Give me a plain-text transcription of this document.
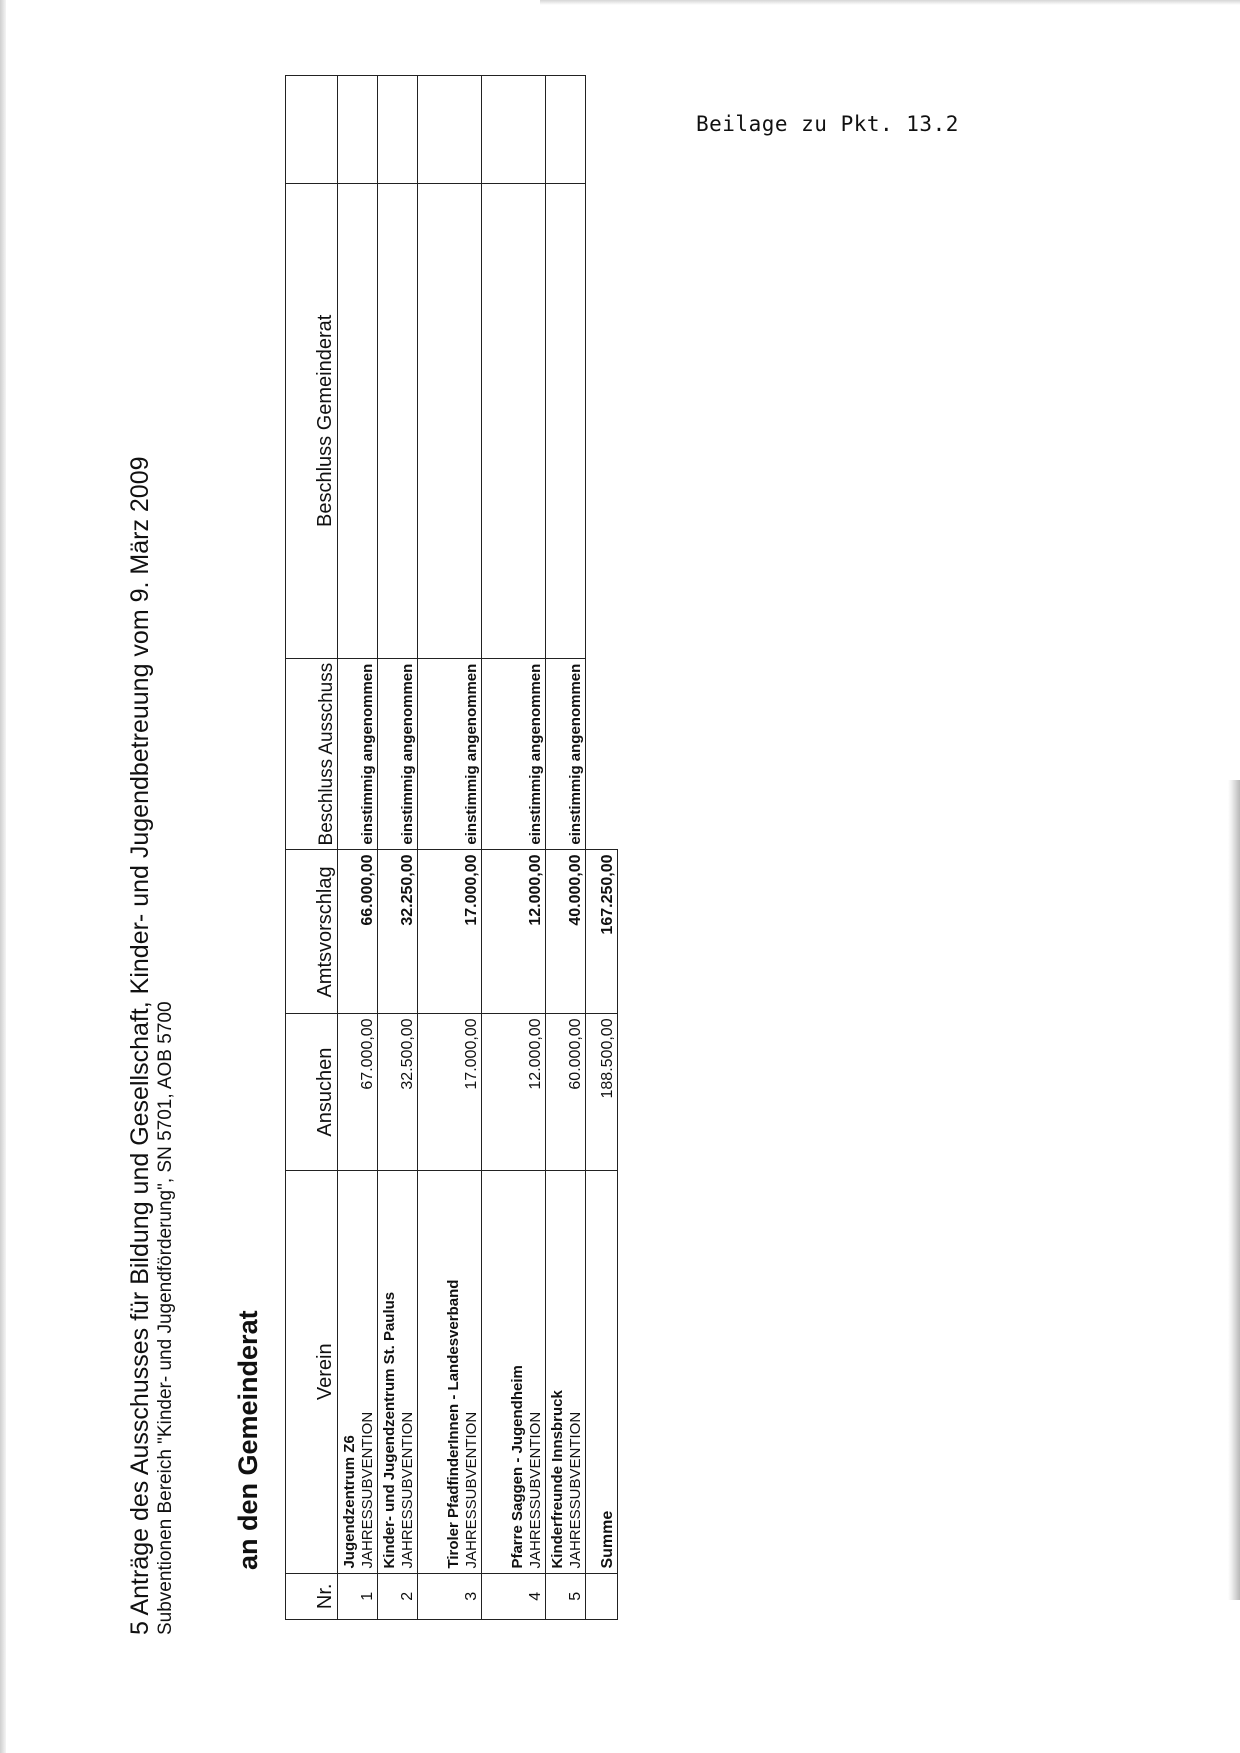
Beilage zu Pkt. 13.2
5 Anträge des Ausschusses für Bildung und Gesellschaft, Kinder- und Jugendbetreuung vom 9. März 2009 Subventionen Bereich "Kinder- und Jugendförderung", SN 5701, AOB 5700 an den Gemeinderat
Nr.	Verein	Ansuchen	Amtsvorschlag	Beschluss Ausschuss	Beschluss Gemeinderat	
1	Jugendzentrum Z6 JAHRESSUBVENTION	67.000,00	66.000,00	einstimmig angenommen		
2	Kinder- und Jugendzentrum St. Paulus JAHRESSUBVENTION	32.500,00	32.250,00	einstimmig angenommen		
3	Tiroler PfadfinderInnen - Landesverband JAHRESSUBVENTION	17.000,00	17.000,00	einstimmig angenommen		
4	Pfarre Saggen - Jugendheim JAHRESSUBVENTION	12.000,00	12.000,00	einstimmig angenommen		
5	Kinderfreunde Innsbruck JAHRESSUBVENTION	60.000,00	40.000,00	einstimmig angenommen		
	Summe	188.500,00	167.250,00			
